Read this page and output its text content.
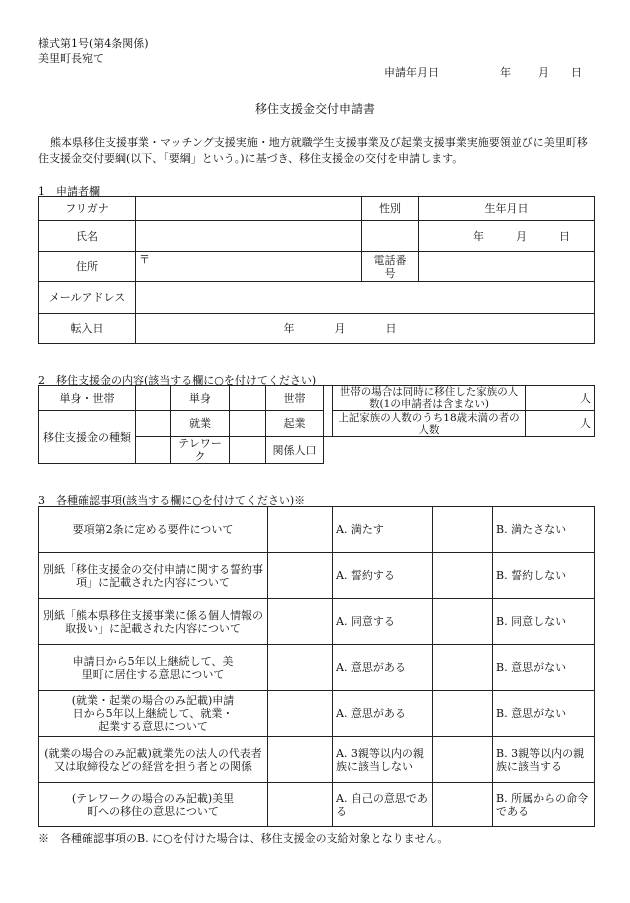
様式第1号(第4条関係)
美里町長宛て
申請年月日	年 月 日
移住支援金交付申請書
熊本県移住支援事業・マッチング支援実施・地方就職学生支援事業及び起業支援事業実施要領並びに美里町移住支援金交付要綱(以下、「要綱」という。)に基づき、移住支援金の交付を申請します。
1　申請者欄
フリガナ		性別	生年月日
氏名			年 月 日
住所	〒	電話番号	
メールアドレス			
転入日	年 月 日		
2　移住支援金の内容(該当する欄に○を付けてください)
単身・世帯		単身		世帯		世帯の場合は同時に移住した家族の人数(1の申請者は含まない)	人
移住支援金の種類		就業		起業		上記家族の人数のうち18歳未満の者の人数	人
		テレワーク		関係人口			
3　各種確認事項(該当する欄に○を付けてください)※
要項第2条に定める要件について		A. 満たす		B. 満たさない
別紙「移住支援金の交付申請に関する誓約事項」に記載された内容について		A. 誓約する		B. 誓約しない
別紙「熊本県移住支援事業に係る個人情報の取扱い」に記載された内容について		A. 同意する		B. 同意しない
申請日から5年以上継続して、美里町に居住する意思について		A. 意思がある		B. 意思がない
(就業・起業の場合のみ記載)申請日から5年以上継続して、就業・起業する意思について		A. 意思がある		B. 意思がない
(就業の場合のみ記載)就業先の法人の代表者又は取締役などの経営を担う者との関係		A. 3親等以内の親族に該当しない		B. 3親等以内の親族に該当する
(テレワークの場合のみ記載)美里町への移住の意思について		A. 自己の意思である		B. 所属からの命令である
※　各種確認事項のB. に○を付けた場合は、移住支援金の支給対象となりません。
